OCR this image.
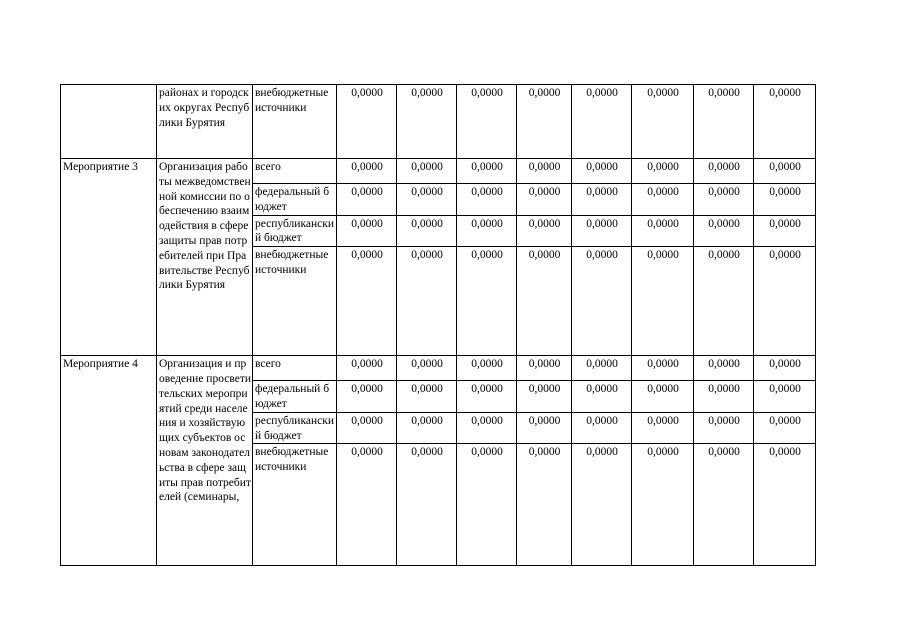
	районах и городских округах Республики Бурятия	внебюджетные источники	0,0000	0,0000	0,0000	0,0000	0,0000	0,0000	0,0000	0,0000
Мероприятие 3	Организация работы межведомственной комиссии по обеспечению взаимодействия в сфере защиты прав потребителей при Правительстве Республики Бурятия	всего	0,0000	0,0000	0,0000	0,0000	0,0000	0,0000	0,0000	0,0000
		федеральный бюджет	0,0000	0,0000	0,0000	0,0000	0,0000	0,0000	0,0000	0,0000
		республиканский бюджет	0,0000	0,0000	0,0000	0,0000	0,0000	0,0000	0,0000	0,0000
		внебюджетные источники	0,0000	0,0000	0,0000	0,0000	0,0000	0,0000	0,0000	0,0000
Мероприятие 4	Организация и проведение просветительских мероприятий среди населения и хозяйствующих субъектов основам законодательства в сфере защиты прав потребителей (семинары,	всего	0,0000	0,0000	0,0000	0,0000	0,0000	0,0000	0,0000	0,0000
		федеральный бюджет	0,0000	0,0000	0,0000	0,0000	0,0000	0,0000	0,0000	0,0000
		республиканский бюджет	0,0000	0,0000	0,0000	0,0000	0,0000	0,0000	0,0000	0,0000
		внебюджетные источники	0,0000	0,0000	0,0000	0,0000	0,0000	0,0000	0,0000	0,0000
